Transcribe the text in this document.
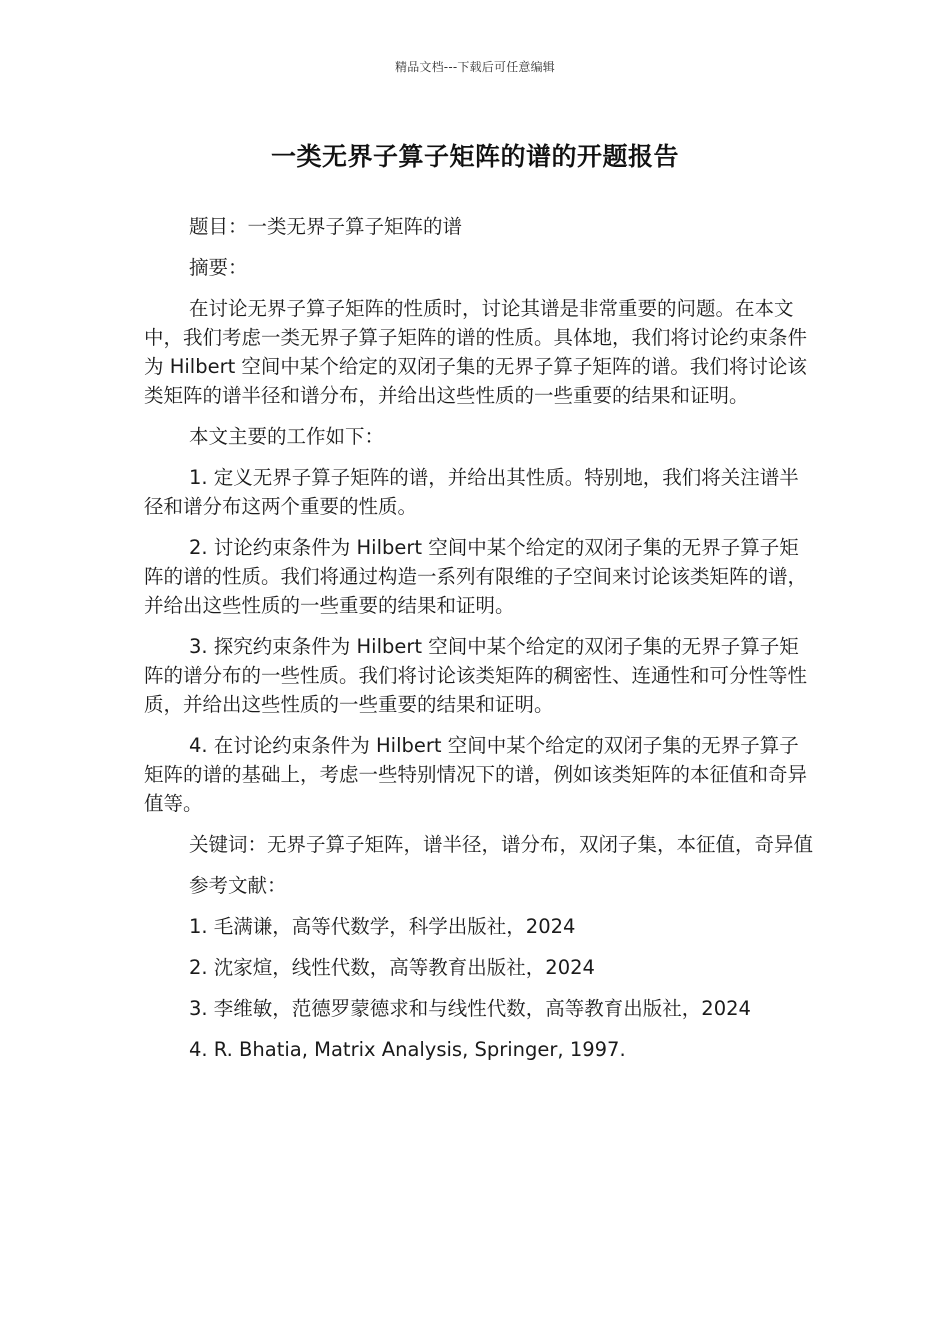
精品文档---下载后可任意编辑
一类无界子算子矩阵的谱的开题报告

题目：一类无界子算子矩阵的谱

摘要：

在讨论无界子算子矩阵的性质时，讨论其谱是非常重要的问题。在本文中，我们考虑一类无界子算子矩阵的谱的性质。具体地，我们将讨论约束条件为 Hilbert 空间中某个给定的双闭子集的无界子算子矩阵的谱。我们将讨论该类矩阵的谱半径和谱分布，并给出这些性质的一些重要的结果和证明。

本文主要的工作如下：

1. 定义无界子算子矩阵的谱，并给出其性质。特别地，我们将关注谱半径和谱分布这两个重要的性质。

2. 讨论约束条件为 Hilbert 空间中某个给定的双闭子集的无界子算子矩阵的谱的性质。我们将通过构造一系列有限维的子空间来讨论该类矩阵的谱，并给出这些性质的一些重要的结果和证明。

3. 探究约束条件为 Hilbert 空间中某个给定的双闭子集的无界子算子矩阵的谱分布的一些性质。我们将讨论该类矩阵的稠密性、连通性和可分性等性质，并给出这些性质的一些重要的结果和证明。

4. 在讨论约束条件为 Hilbert 空间中某个给定的双闭子集的无界子算子矩阵的谱的基础上，考虑一些特别情况下的谱，例如该类矩阵的本征值和奇异值等。

关键词：无界子算子矩阵，谱半径，谱分布，双闭子集，本征值，奇异值

参考文献：

1. 毛满谦，高等代数学，科学出版社，2024

2. 沈家煊，线性代数，高等教育出版社，2024

3. 李维敏，范德罗蒙德求和与线性代数，高等教育出版社，2024

4. R. Bhatia, Matrix Analysis, Springer, 1997.
